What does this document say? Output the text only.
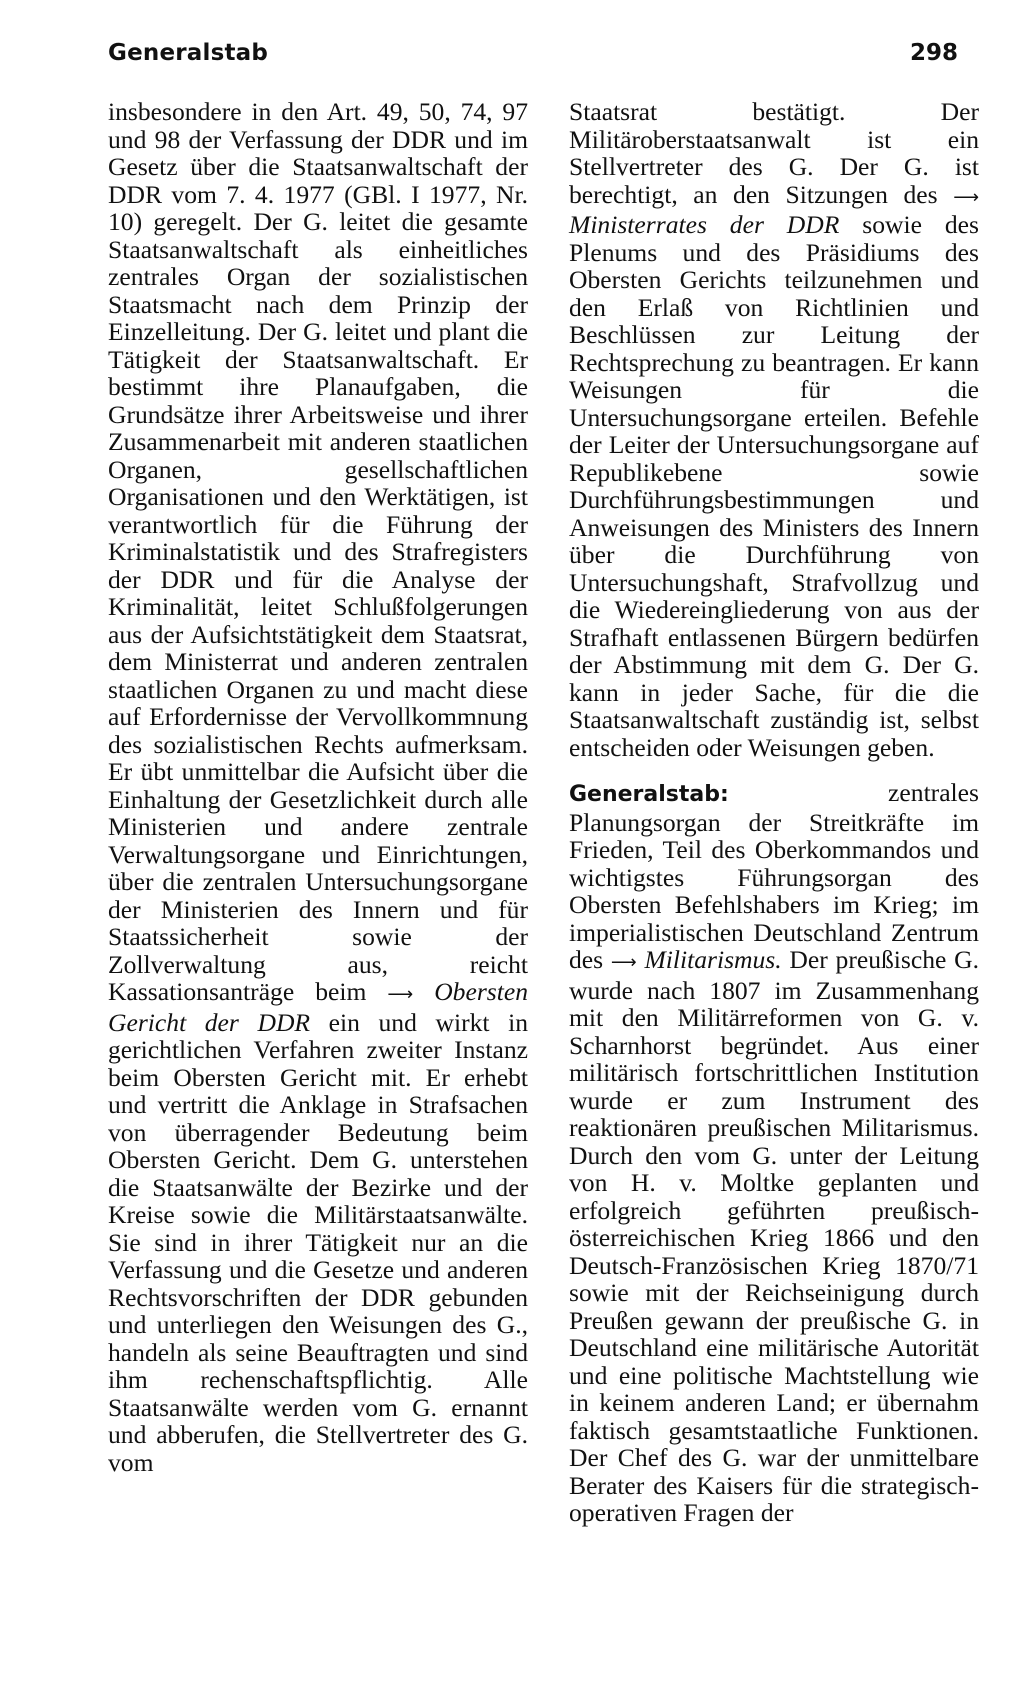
Generalstab	298

insbesondere in den Art. 49, 50, 74, 97 und 98 der Verfassung der DDR und im Gesetz über die Staatsanwaltschaft der DDR vom 7. 4. 1977 (GBl. I 1977, Nr. 10) geregelt. Der G. leitet die gesamte Staatsanwaltschaft als einheitliches zentrales Organ der sozialistischen Staatsmacht nach dem Prinzip der Einzelleitung. Der G. leitet und plant die Tätigkeit der Staatsanwaltschaft. Er bestimmt ihre Planaufgaben, die Grundsätze ihrer Arbeitsweise und ihrer Zusammenarbeit mit anderen staatlichen Organen, gesellschaftlichen Organisationen und den Werktätigen, ist verantwortlich für die Führung der Kriminalstatistik und des Strafregisters der DDR und für die Analyse der Kriminalität, leitet Schlußfolgerungen aus der Aufsichtstätigkeit dem Staatsrat, dem Ministerrat und anderen zentralen staatlichen Organen zu und macht diese auf Erfordernisse der Vervollkommnung des sozialistischen Rechts aufmerksam. Er übt unmittelbar die Aufsicht über die Einhaltung der Gesetzlichkeit durch alle Ministerien und andere zentrale Verwaltungsorgane und Einrichtungen, über die zentralen Untersuchungsorgane der Ministerien des Innern und für Staatssicherheit sowie der Zollverwaltung aus, reicht Kassationsanträge beim ⟶ Obersten Gericht der DDR ein und wirkt in gerichtlichen Verfahren zweiter Instanz beim Obersten Gericht mit. Er erhebt und vertritt die Anklage in Strafsachen von überragender Bedeutung beim Obersten Gericht. Dem G. unterstehen die Staatsanwälte der Bezirke und der Kreise sowie die Militärstaatsanwälte. Sie sind in ihrer Tätigkeit nur an die Verfassung und die Gesetze und anderen Rechtsvorschriften der DDR gebunden und unterliegen den Weisungen des G., handeln als seine Beauftragten und sind ihm rechenschaftspflichtig. Alle Staatsanwälte werden vom G. ernannt und abberufen, die Stellvertreter des G. vom

Staatsrat bestätigt. Der Militäroberstaatsanwalt ist ein Stellvertreter des G. Der G. ist berechtigt, an den Sitzungen des ⟶ Ministerrates der DDR sowie des Plenums und des Präsidiums des Obersten Gerichts teilzunehmen und den Erlaß von Richtlinien und Beschlüssen zur Leitung der Rechtsprechung zu beantragen. Er kann Weisungen für die Untersuchungsorgane erteilen. Befehle der Leiter der Untersuchungsorgane auf Republikebene sowie Durchführungsbestimmungen und Anweisungen des Ministers des Innern über die Durchführung von Untersuchungshaft, Strafvollzug und die Wiedereingliederung von aus der Strafhaft entlassenen Bürgern bedürfen der Abstimmung mit dem G. Der G. kann in jeder Sache, für die die Staatsanwaltschaft zuständig ist, selbst entscheiden oder Weisungen geben.

Generalstab:	zentrales Planungsorgan der Streitkräfte im Frieden, Teil des Oberkommandos und wichtigstes Führungsorgan des Obersten Befehlshabers im Krieg; im imperialistischen Deutschland Zentrum des ⟶ Militarismus. Der preußische G. wurde nach 1807 im Zusammenhang mit den Militärreformen von G. v. Scharnhorst begründet. Aus einer militärisch fortschrittlichen Institution wurde er zum Instrument des reaktionären preußischen Militarismus. Durch den vom G. unter der Leitung von H. v. Moltke geplanten und erfolgreich geführten preußisch-österreichischen Krieg 1866 und den Deutsch-Französischen Krieg 1870/71 sowie mit der Reichseinigung durch Preußen gewann der preußische G. in Deutschland eine militärische Autorität und eine politische Machtstellung wie in keinem anderen Land; er übernahm faktisch gesamtstaatliche Funktionen. Der Chef des G. war der unmittelbare Berater des Kaisers für die strategisch-operativen Fragen der
